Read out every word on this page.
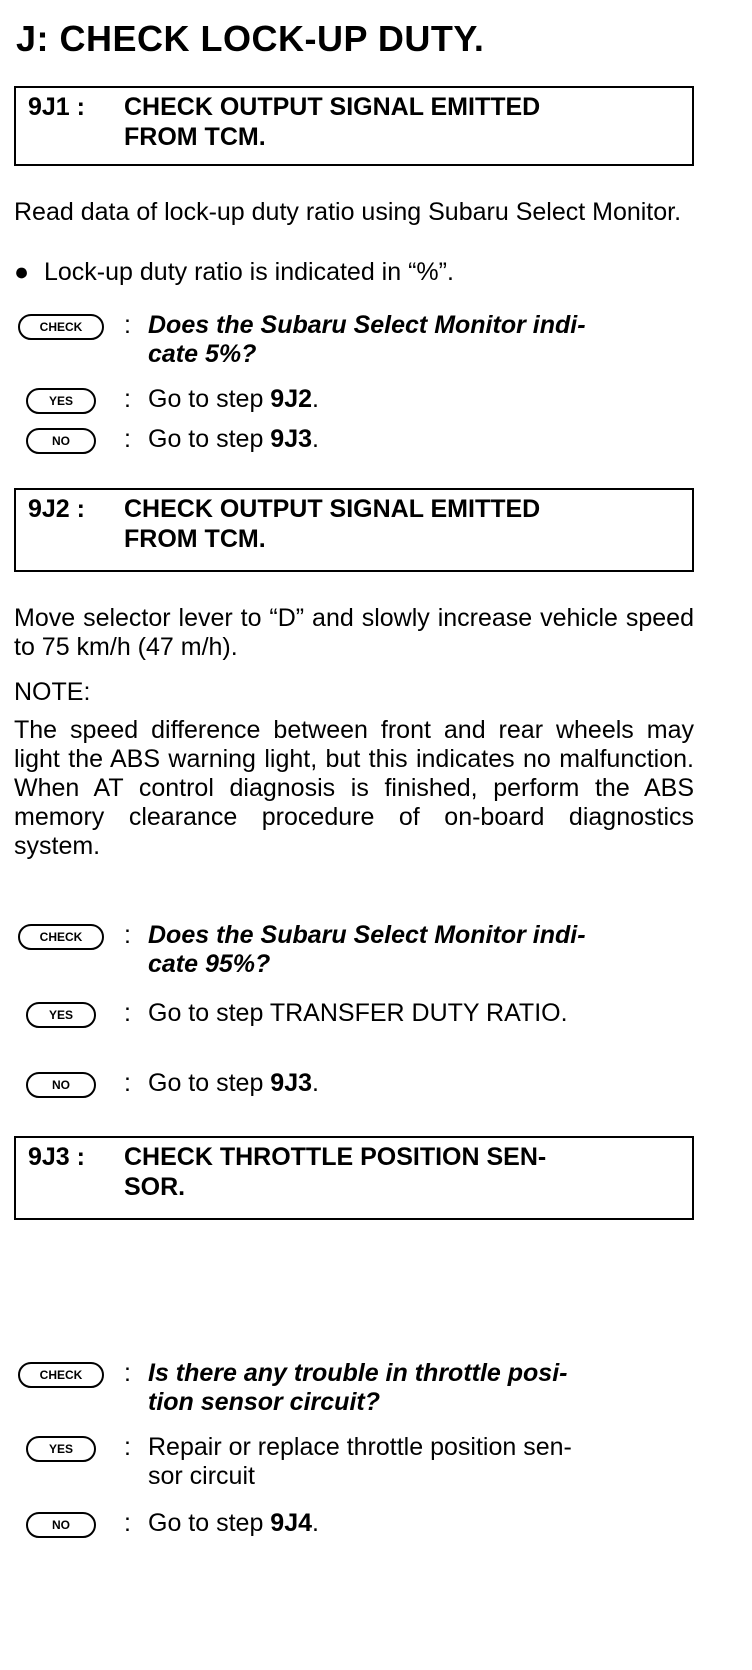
J: CHECK LOCK-UP DUTY.
9J1 : CHECK OUTPUT SIGNAL EMITTED
FROM TCM.
Read data of lock-up duty ratio using Subaru Select Monitor.
● Lock-up duty ratio is indicated in “%”.
CHECK	: Does the Subaru Select Monitor indi-
cate 5%?
YES	: Go to step 9J2.
NO	: Go to step 9J3.
9J2 : CHECK OUTPUT SIGNAL EMITTED
FROM TCM.
Move selector lever to “D” and slowly increase vehicle speed to 75 km/h (47 m/h).
NOTE:
The speed difference between front and rear wheels may light the ABS warning light, but this indicates no malfunction. When AT control diagnosis is finished, perform the ABS memory clearance procedure of on-board diagnostics system.
CHECK	: Does the Subaru Select Monitor indi-
cate 95%?
YES	: Go to step TRANSFER DUTY RATIO.
NO	: Go to step 9J3.
9J3 : CHECK THROTTLE POSITION SEN-
SOR.
CHECK	: Is there any trouble in throttle posi-
tion sensor circuit?
YES	: Repair or replace throttle position sen-
sor circuit
NO	: Go to step 9J4.
